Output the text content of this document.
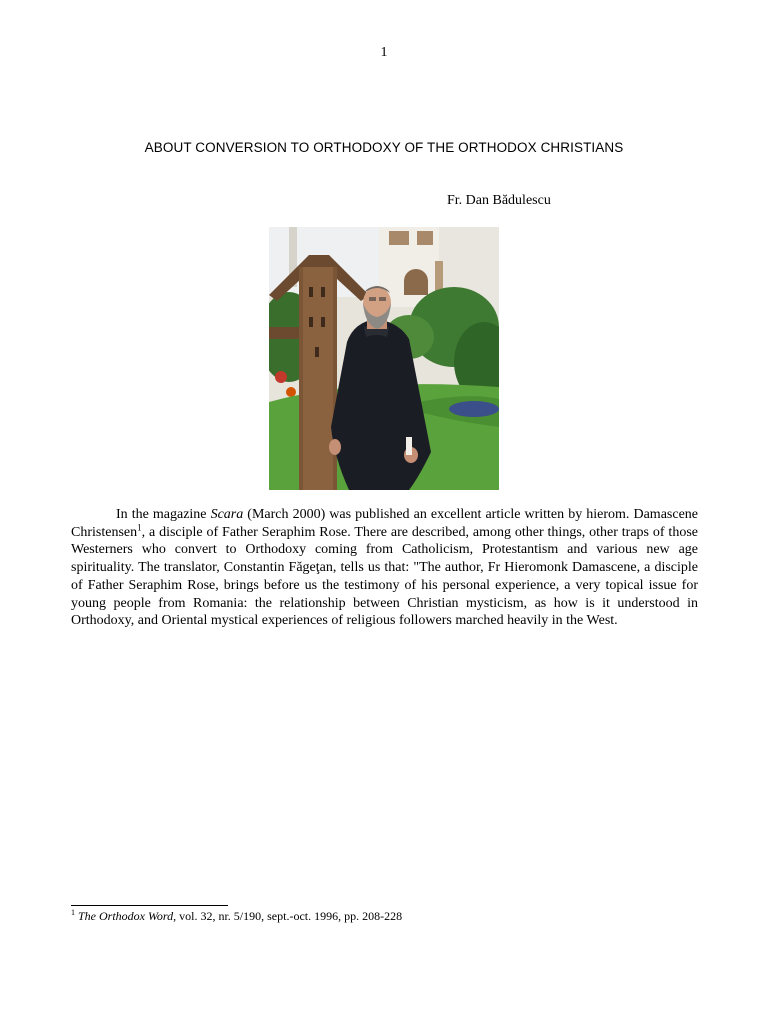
1
ABOUT CONVERSION TO ORTHODOXY OF THE ORTHODOX CHRISTIANS
Fr. Dan Bădulescu

In the magazine Scara (March 2000) was published an excellent article written by hierom. Damascene Christensen$^1$, a disciple of Father Seraphim Rose. There are described, among other things, other traps of those Westerners who convert to Orthodoxy coming from Catholicism, Protestantism and various new age spirituality. The translator, Constantin Făgeţan, tells us that: "The author, Fr Hieromonk Damascene, a disciple of Father Seraphim Rose, brings before us the testimony of his personal experience, a very topical issue for young people from Romania: the relationship between Christian mysticism, as how is it understood in Orthodoxy, and Oriental mystical experiences of religious followers marched heavily in the West.

$^1$ The Orthodox Word, vol. 32, nr. 5/190, sept.-oct. 1996, pp. 208-228
